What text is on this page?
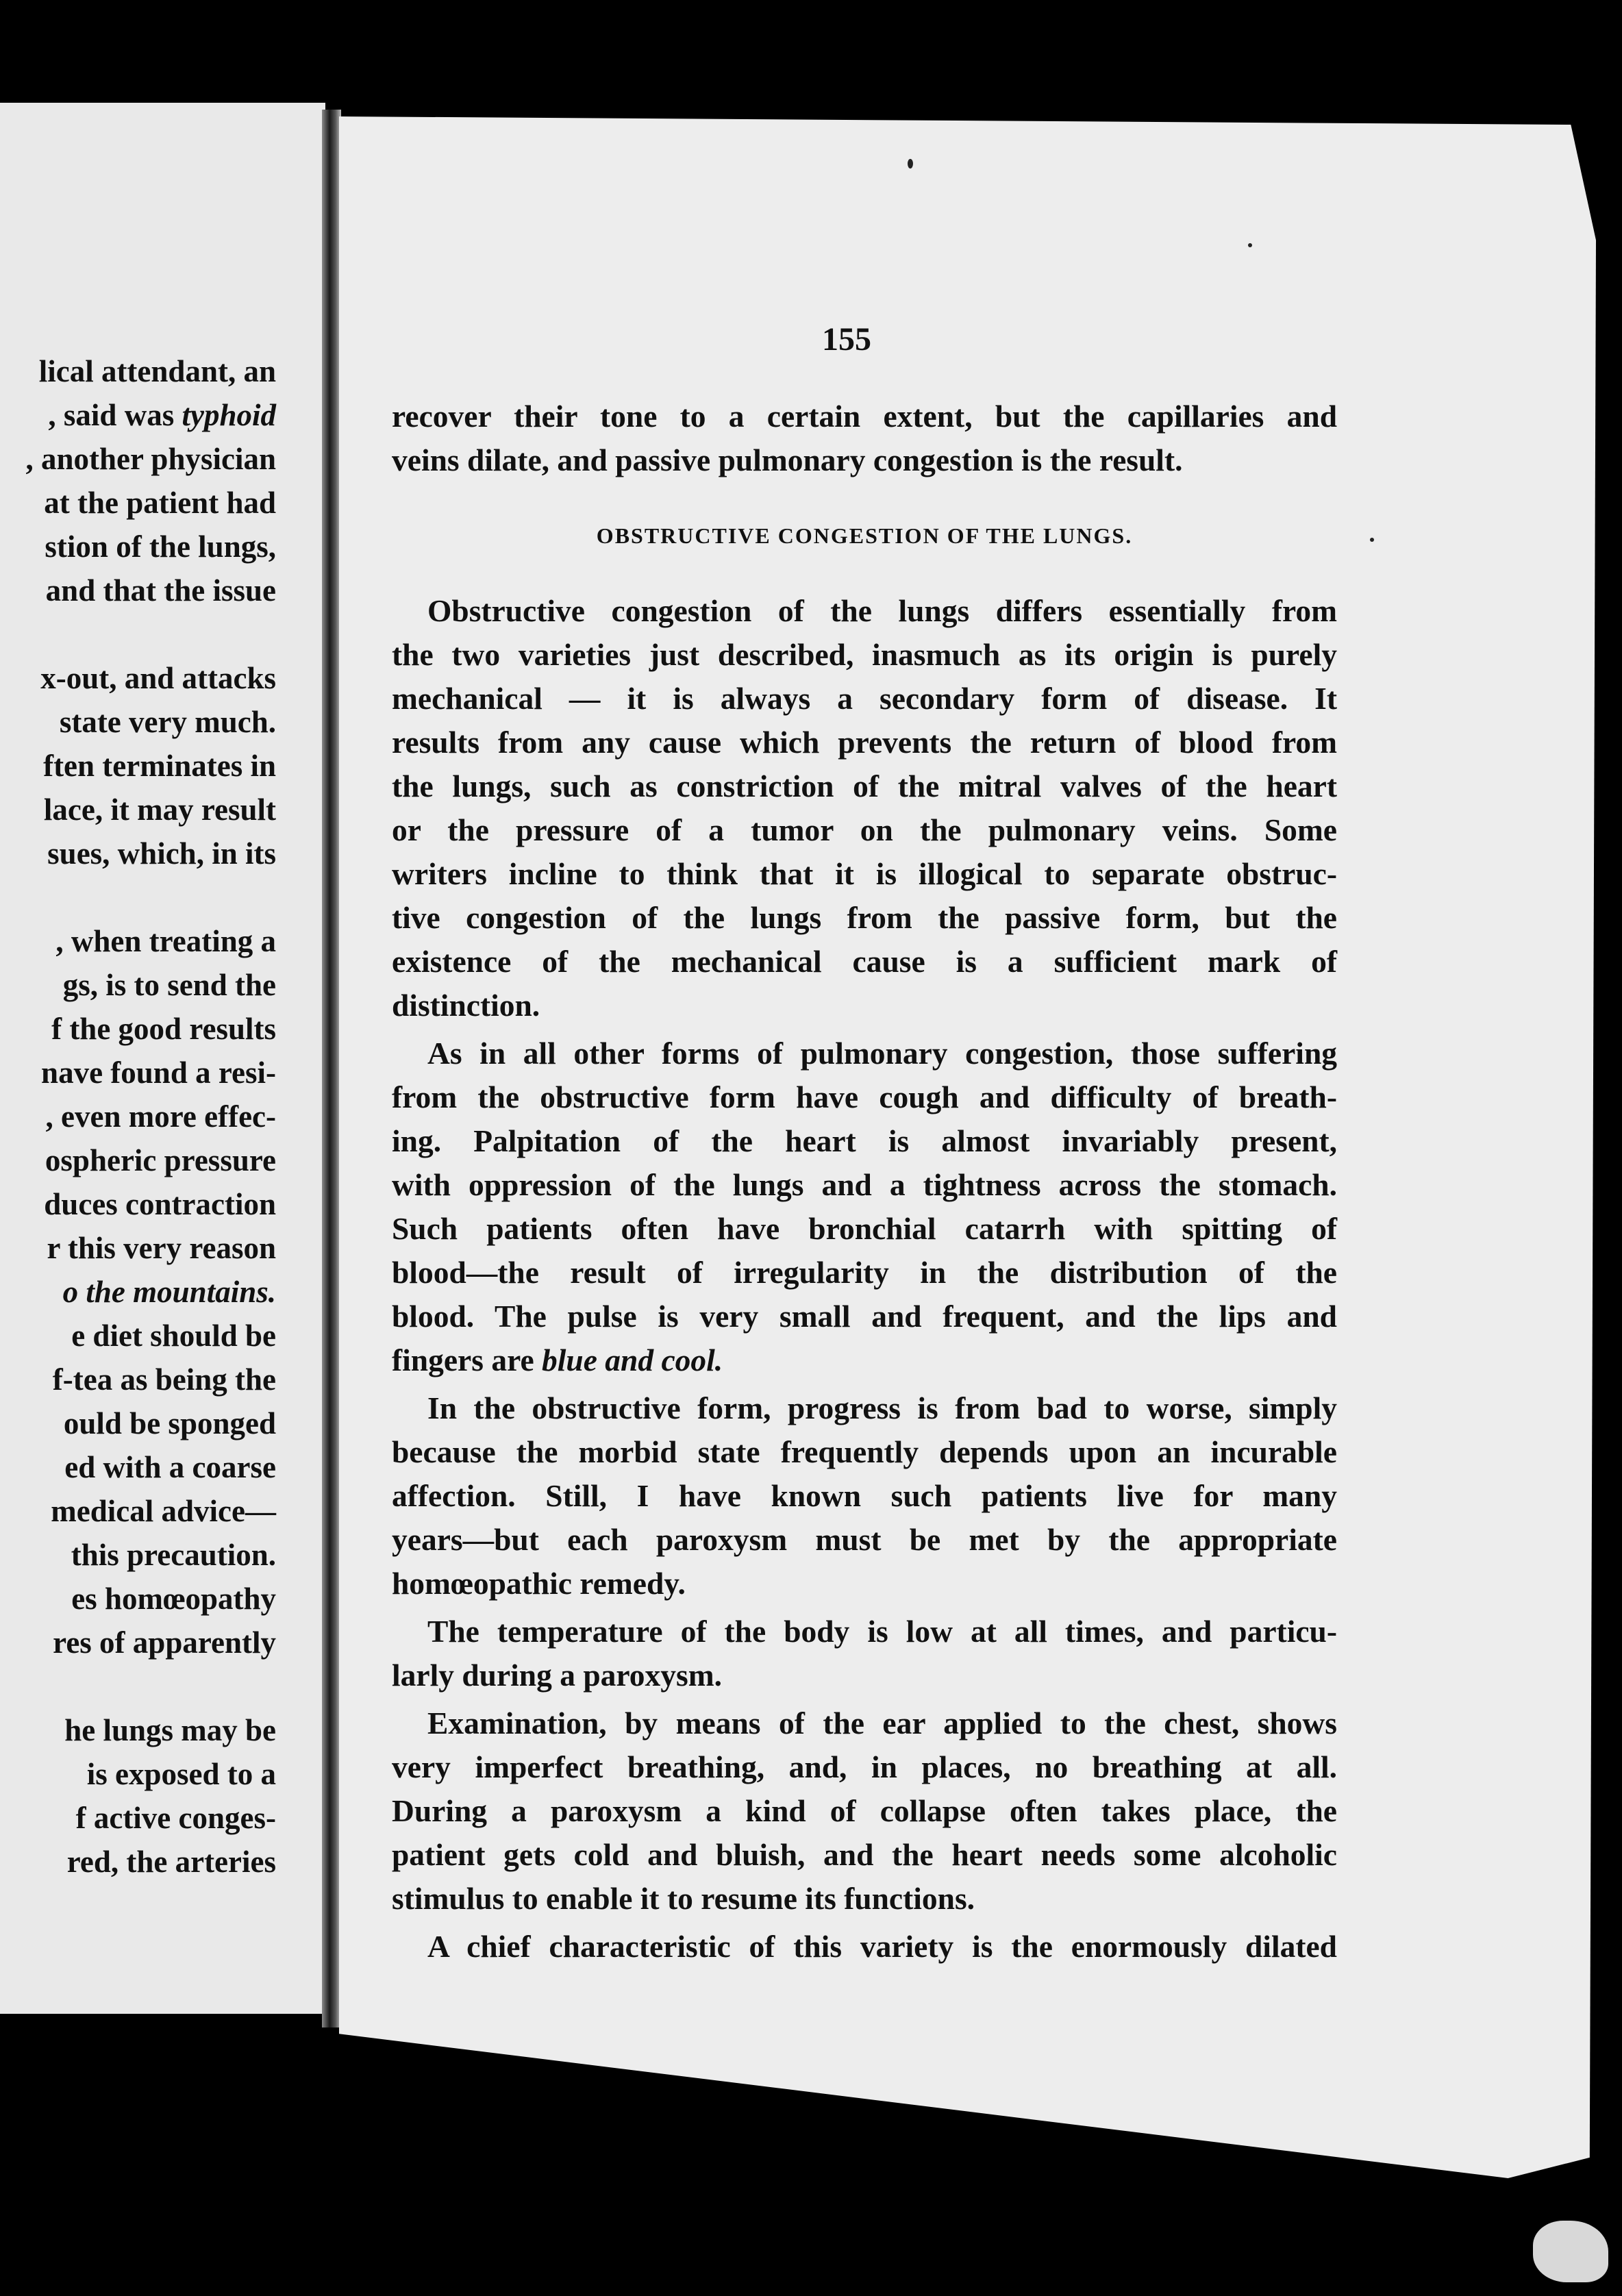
lical attendant, an
, said was typhoid
, another physician
at the patient had
stion of the lungs,
and that the issue
x-out, and attacks
state very much.
ften terminates in
lace, it may result
sues, which, in its
, when treating a
gs, is to send the
f the good results
nave found a resi-
, even more effec-
ospheric pressure
duces contraction
r this very reason
o the mountains.
e diet should be
f-tea as being the
ould be sponged
ed with a coarse
medical advice—
this precaution.
es homœopathy
res of apparently
he lungs may be
is exposed to a
f active conges-
red, the arteries

155

recover their tone to a certain extent, but the capillaries and
veins dilate, and passive pulmonary congestion is the result.
OBSTRUCTIVE CONGESTION OF THE LUNGS.
Obstructive congestion of the lungs differs essentially from
the two varieties just described, inasmuch as its origin is purely
mechanical — it is always a secondary form of disease. It
results from any cause which prevents the return of blood from
the lungs, such as constriction of the mitral valves of the heart
or the pressure of a tumor on the pulmonary veins. Some
writers incline to think that it is illogical to separate obstruc-
tive congestion of the lungs from the passive form, but the
existence of the mechanical cause is a sufficient mark of
distinction.
As in all other forms of pulmonary congestion, those suffering
from the obstructive form have cough and difficulty of breath-
ing. Palpitation of the heart is almost invariably present,
with oppression of the lungs and a tightness across the stomach.
Such patients often have bronchial catarrh with spitting of
blood—the result of irregularity in the distribution of the
blood. The pulse is very small and frequent, and the lips and
fingers are blue and cool.
In the obstructive form, progress is from bad to worse, simply
because the morbid state frequently depends upon an incurable
affection. Still, I have known such patients live for many
years—but each paroxysm must be met by the appropriate
homœopathic remedy.
The temperature of the body is low at all times, and particu-
larly during a paroxysm.
Examination, by means of the ear applied to the chest, shows
very imperfect breathing, and, in places, no breathing at all.
During a paroxysm a kind of collapse often takes place, the
patient gets cold and bluish, and the heart needs some alcoholic
stimulus to enable it to resume its functions.
A chief characteristic of this variety is the enormously dilated
